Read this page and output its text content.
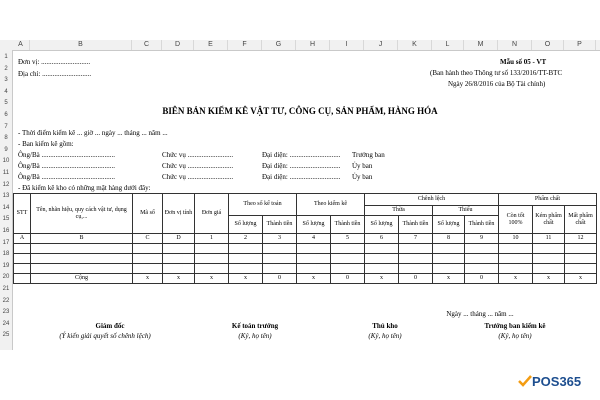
A	B	C	D	E	F	G	H	I	J	K	L	M	N	O	P
1
2
3
4
5
6
7
8
9
10
11
12
13
14
15
16
17
18
19
20
21
22
23
24
25
Đơn vị: ............................
Địa chỉ: ............................
Mẫu số 05 - VT
(Ban hành theo Thông tư số 133/2016/TT-BTC
Ngày 26/8/2016 của Bộ Tài chính)
BIÊN BẢN KIỂM KÊ VẬT TƯ, CÔNG CỤ, SẢN PHẨM, HÀNG HÓA
- Thời điểm kiểm kê ... giờ ... ngày ... tháng ... năm ...
- Ban kiểm kê gồm:
Ông/Bà ..........................................	Chức vụ ..........................	Đại diện: ............................. Trưởng ban
Ông/Bà ..........................................	Chức vụ ..........................	Đại diện: ............................. Ủy ban
Ông/Bà ..........................................	Chức vụ ..........................	Đại diện: ............................. Ủy ban
- Đã kiểm kê kho có những mặt hàng dưới đây:
STT	Tên, nhãn hiệu, quy cách vật tư, dụng cụ,...	Mã số	Đơn vị tính	Đơn giá	Theo sổ kế toán		Theo kiểm kê		Chênh lệch				Phẩm chất		
									Thừa		Thiếu		Còn tốt 100%	Kém phẩm chất	Mất phẩm chất
					Số lượng	Thành tiền	Số lượng	Thành tiền	Số lượng	Thành tiền	Số lượng	Thành tiền			
A	B	C	D	1	2	3	4	5	6	7	8	9	10	11	12

	Cộng	x	x	x	x	0	x	0	x	0	x	0	x	x	x
Ngày ... tháng ... năm ...
Giám đốc
(Ý kiến giải quyết số chênh lệch)
Kế toán trưởng
(Ký, họ tên)
Thủ kho
(Ký, họ tên)
Trưởng ban kiểm kê
(Ký, họ tên)
POS365
